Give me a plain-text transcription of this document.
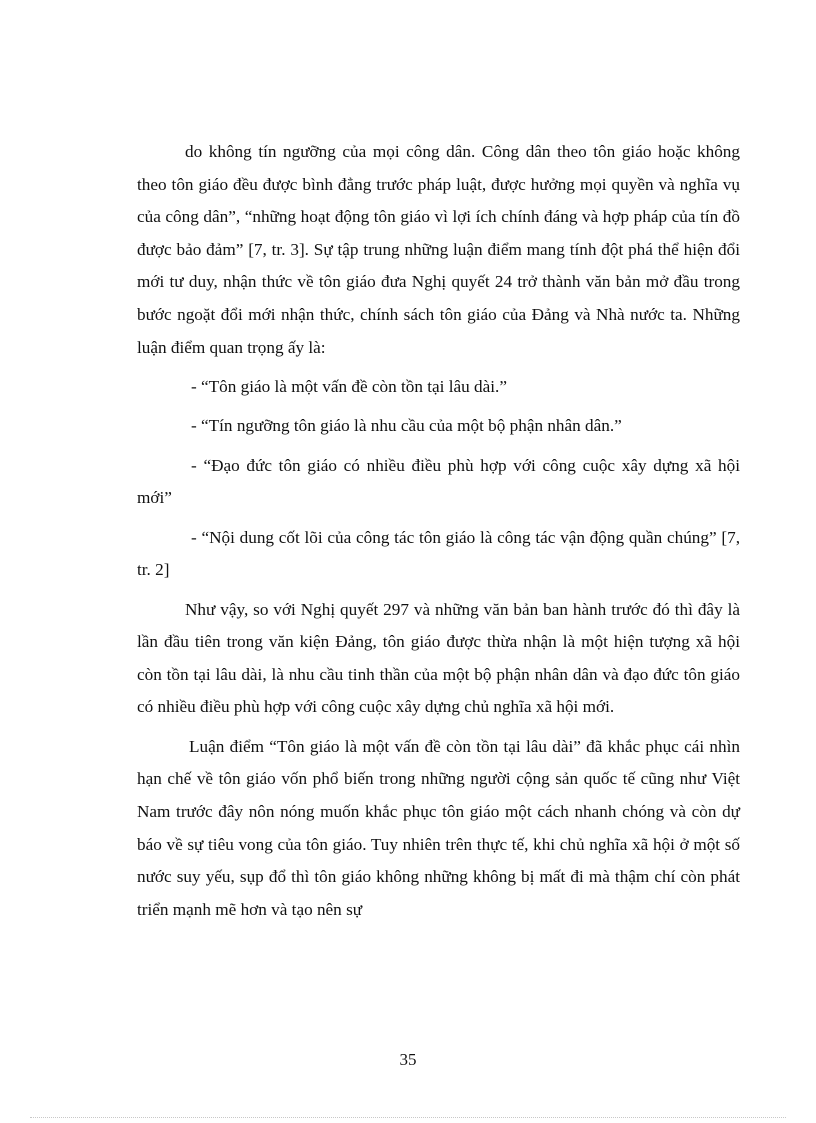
do không tín ngưỡng của mọi công dân. Công dân theo tôn giáo hoặc không theo tôn giáo đều được bình đẳng trước pháp luật, được hưởng mọi quyền và nghĩa vụ của công dân”, “những hoạt động tôn giáo vì lợi ích chính đáng và hợp pháp của tín đồ được bảo đảm” [7, tr. 3]. Sự tập trung những luận điểm mang tính đột phá thể hiện đổi mới tư duy, nhận thức về tôn giáo đưa Nghị quyết 24 trở thành văn bản mở đầu trong bước ngoặt đổi mới nhận thức, chính sách tôn giáo của Đảng và Nhà nước ta. Những luận điểm quan trọng ấy là:

- “Tôn giáo là một vấn đề còn tồn tại lâu dài.”

- “Tín ngưỡng tôn giáo là nhu cầu của một bộ phận nhân dân.”

- “Đạo đức tôn giáo có nhiều điều phù hợp với công cuộc xây dựng xã hội mới”

- “Nội dung cốt lõi của công tác tôn giáo là công tác vận động quần chúng” [7, tr. 2]

Như vậy, so với Nghị quyết 297 và những văn bản ban hành trước đó thì đây là lần đầu tiên trong văn kiện Đảng, tôn giáo được thừa nhận là một hiện tượng xã hội còn tồn tại lâu dài, là nhu cầu tinh thần của một bộ phận nhân dân và đạo đức tôn giáo có nhiều điều phù hợp với công cuộc xây dựng chủ nghĩa xã hội mới.

Luận điểm “Tôn giáo là một vấn đề còn tồn tại lâu dài” đã khắc phục cái nhìn hạn chế về tôn giáo vốn phổ biến trong những người cộng sản quốc tế cũng như Việt Nam trước đây nôn nóng muốn khắc phục tôn giáo một cách nhanh chóng và còn dự báo về sự tiêu vong của tôn giáo. Tuy nhiên trên thực tế, khi chủ nghĩa xã hội ở một số nước suy yếu, sụp đổ thì tôn giáo không những không bị mất đi mà thậm chí còn phát triển mạnh mẽ hơn và tạo nên sự

35
